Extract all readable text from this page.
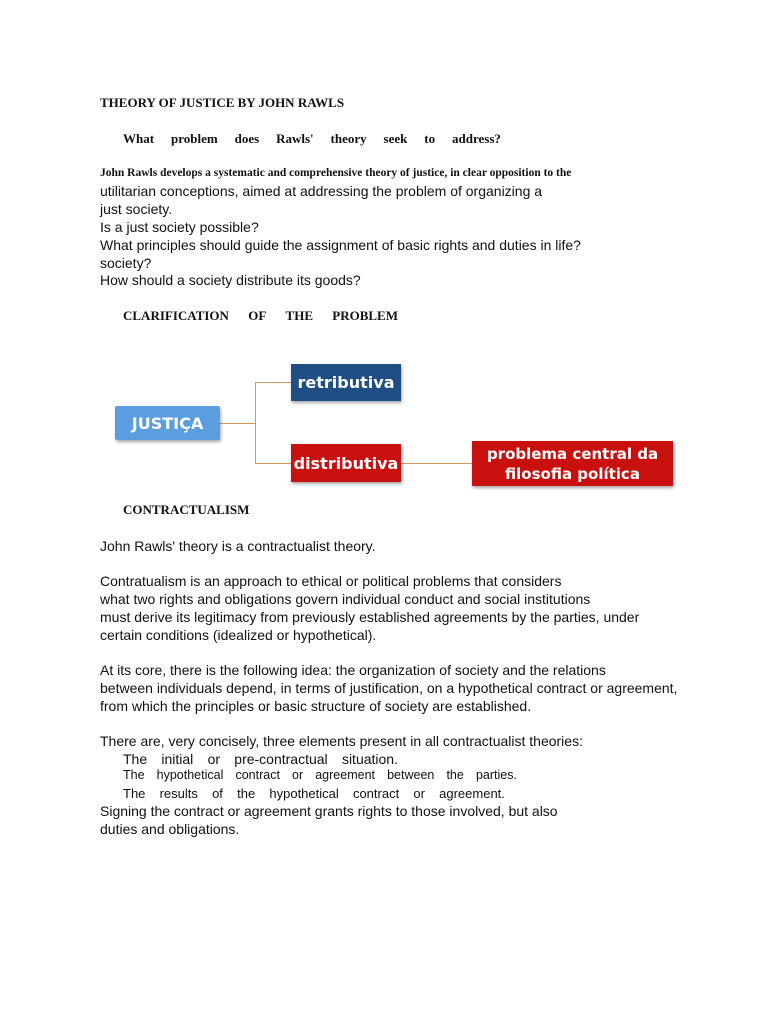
THEORY OF JUSTICE BY JOHN RAWLS
What problem does Rawls' theory seek to address?
John Rawls develops a systematic and comprehensive theory of justice, in clear opposition to the
utilitarian conceptions, aimed at addressing the problem of organizing a
just society.
Is a just society possible?
What principles should guide the assignment of basic rights and duties in life?
society?
How should a society distribute its goods?
CLARIFICATION OF THE PROBLEM
JUSTIÇA
retributiva
distributiva	problema central da
filosofia política
CONTRACTUALISM
John Rawls' theory is a contractualist theory.
Contratualism is an approach to ethical or political problems that considers
what two rights and obligations govern individual conduct and social institutions
must derive its legitimacy from previously established agreements by the parties, under
certain conditions (idealized or hypothetical).
At its core, there is the following idea: the organization of society and the relations
between individuals depend, in terms of justification, on a hypothetical contract or agreement,
from which the principles or basic structure of society are established.
There are, very concisely, three elements present in all contractualist theories:
The initial or pre-contractual situation.
The hypothetical contract or agreement between the parties.
The results of the hypothetical contract or agreement.
Signing the contract or agreement grants rights to those involved, but also
duties and obligations.
